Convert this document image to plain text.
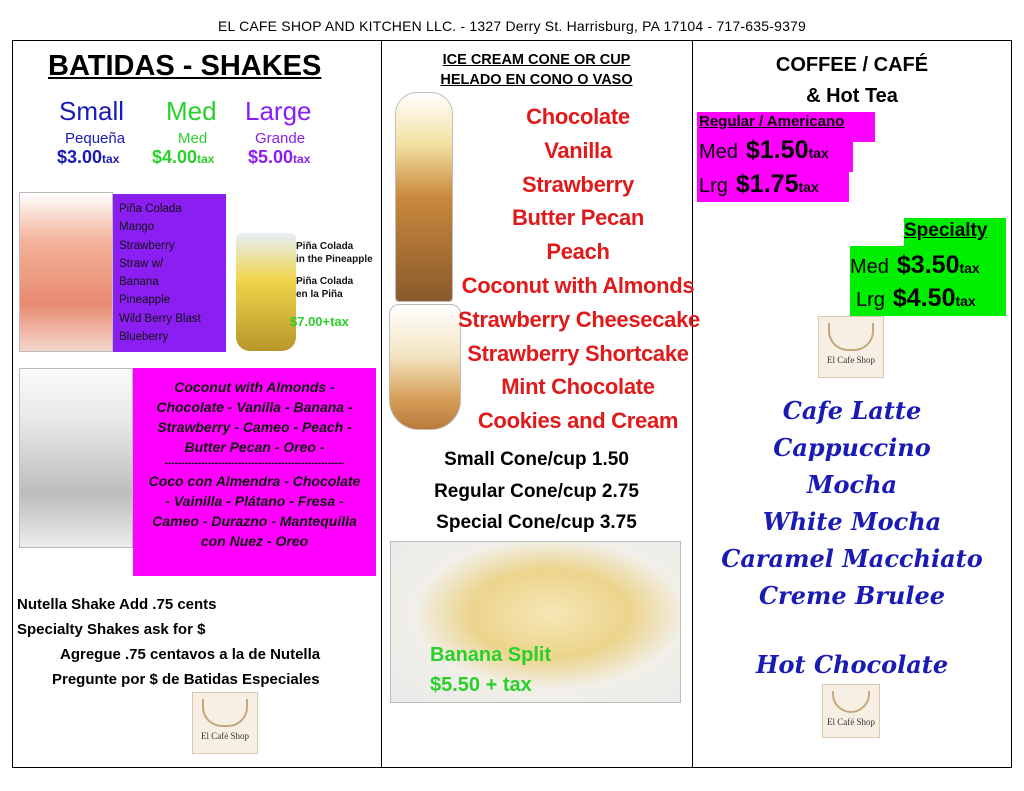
EL CAFE SHOP AND KITCHEN LLC. - 1327 Derry St. Harrisburg, PA 17104 - 717-635-9379
BATIDAS - SHAKES
Small Med Large
Pequeña	Med	Grande
$3.00tax $4.00tax $5.00tax
Piña Colada
Mango
Strawberry
Straw w/
Banana
Pineapple
Wild Berry Blast
Blueberry
Piña Colada
in the Pineapple
Piña Colada
en la Piña
$7.00+tax
Coconut with Almonds -
Chocolate - Vanilla - Banana -
Strawberry - Cameo - Peach -
Butter Pecan - Oreo -
------------------------------------------------------
Coco con Almendra - Chocolate
- Vainilla - Plátano - Fresa -
Cameo - Durazno - Mantequilla
con Nuez - Oreo
Nutella Shake Add .75 cents
Specialty Shakes ask for $
Agregue .75 centavos a la de Nutella
Pregunte por $ de Batidas Especiales
El Café Shop
ICE CREAM CONE OR CUP
HELADO EN CONO O VASO
Chocolate
Vanilla
Strawberry
Butter Pecan
Peach
Coconut with Almonds
Strawberry Cheesecake
Strawberry Shortcake
Mint Chocolate
Cookies and Cream
Small Cone/cup 1.50
Regular Cone/cup 2.75
Special Cone/cup 3.75
Banana Split
$5.50 + tax
COFFEE / CAFÉ
& Hot Tea
Regular / Americano
Med $1.50tax
Lrg $1.75tax
Specialty
Med $3.50tax
Lrg $4.50tax
El Cafe Shop
Cafe Latte
Cappuccino
Mocha
White Mocha
Caramel Macchiato
Creme Brulee
Hot Chocolate
El Café Shop
